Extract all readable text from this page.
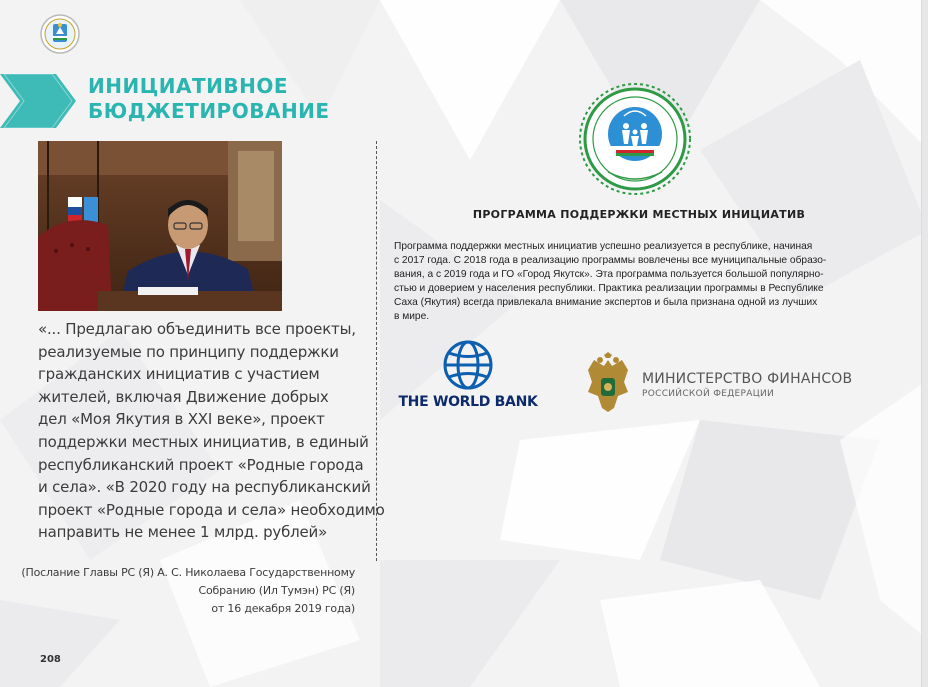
ИНИЦИАТИВНОЕ
БЮДЖЕТИРОВАНИЕ
«... Предлагаю объединить все проекты,
реализуемые по принципу поддержки
гражданских инициатив с участием
жителей, включая Движение добрых
дел «Моя Якутия в XXI веке», проект
поддержки местных инициатив, в единый
республиканский проект «Родные города
и села». «В 2020 году на республиканский
проект «Родные города и села» необходимо
направить не менее 1 млрд. рублей»
(Послание Главы РС (Я) А. С. Николаева Государственному
Собранию (Ил Тумэн) РС (Я)
от 16 декабря 2019 года)
208
ПРОГРАММА ПОДДЕРЖКИ МЕСТНЫХ ИНИЦИАТИВ
Программа поддержки местных инициатив успешно реализуется в республике, начиная
с 2017 года. С 2018 года в реализацию программы вовлечены все муниципальные образо-
вания, а с 2019 года и ГО «Город Якутск». Эта программа пользуется большой популярно-
стью и доверием у населения республики. Практика реализации программы в Республике
Саха (Якутия) всегда привлекала внимание экспертов и была признана одной из лучших
в мире.
THE WORLD BANK
МИНИСТЕРСТВО ФИНАНСОВ
РОССИЙСКОЙ ФЕДЕРАЦИИ
